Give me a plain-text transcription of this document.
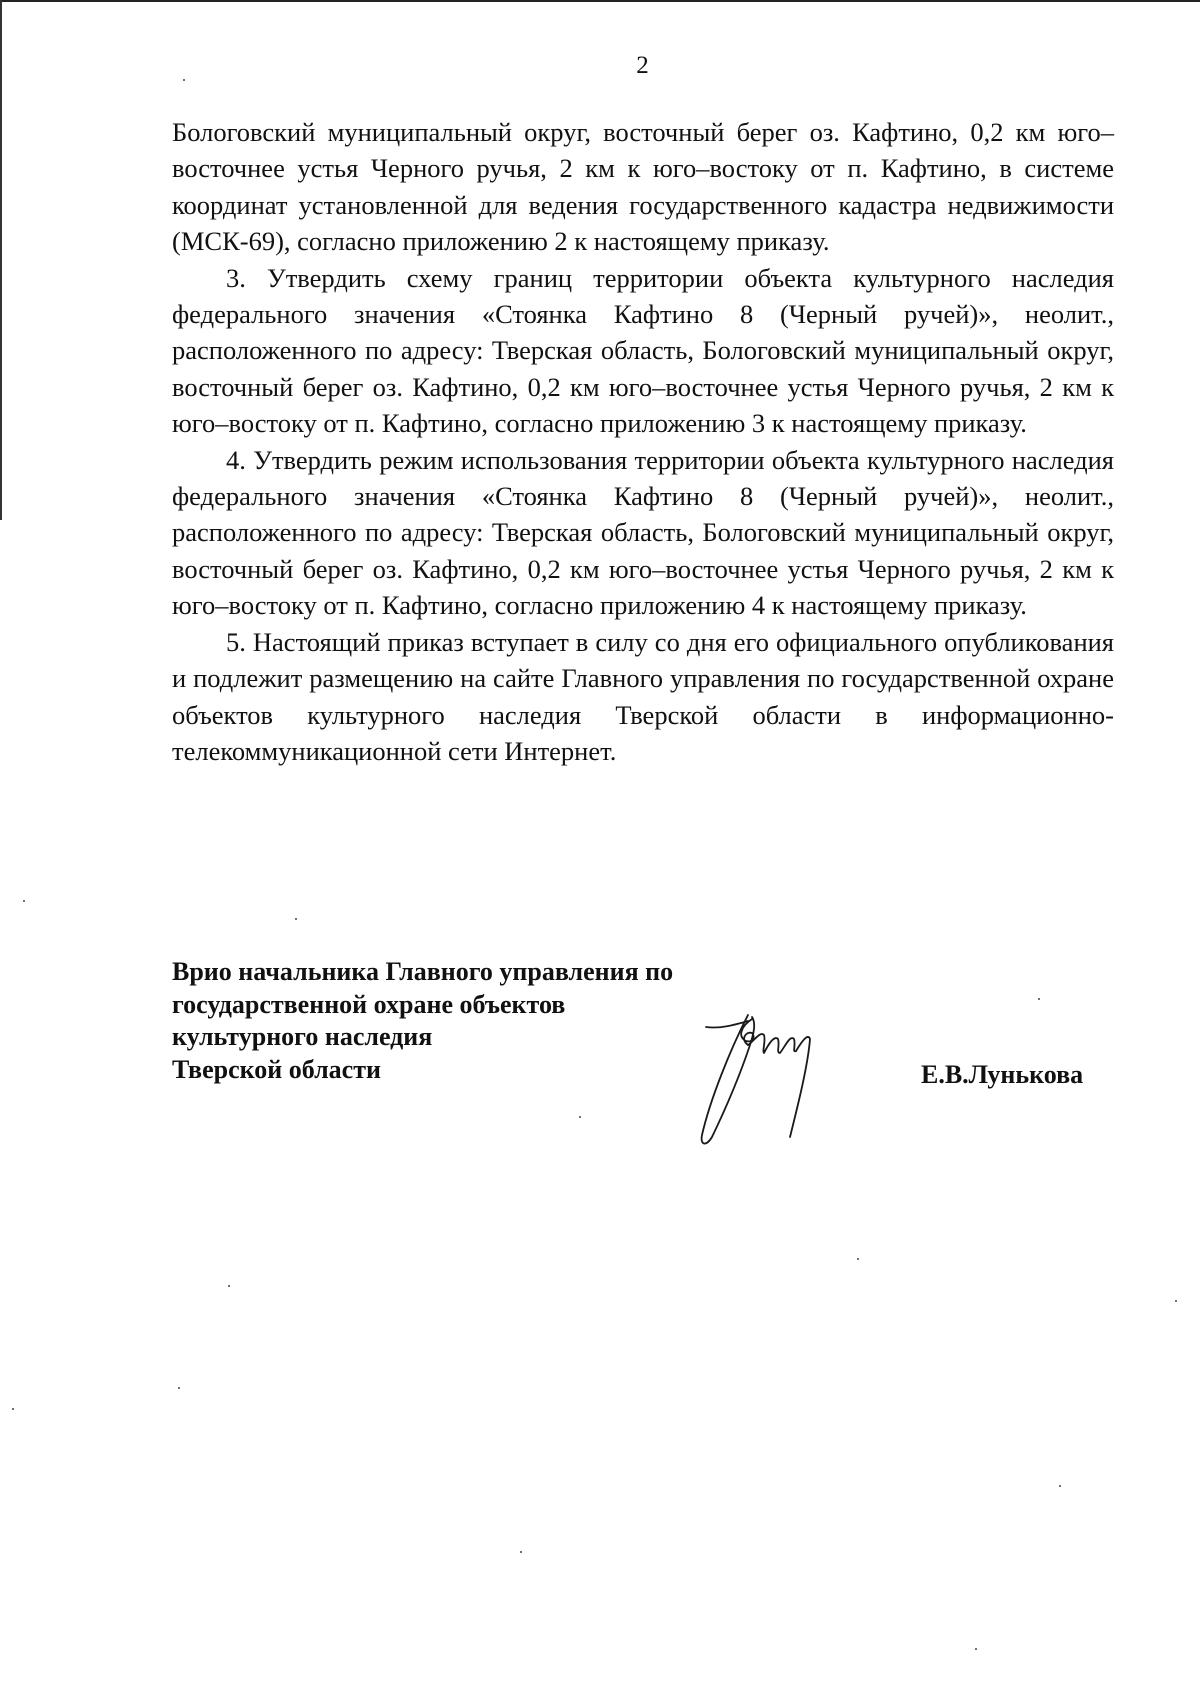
2

Бологовский муниципальный округ, восточный берег оз. Кафтино, 0,2 км юго–восточнее устья Черного ручья, 2 км к юго–востоку от п. Кафтино, в системе координат установленной для ведения государственного кадастра недвижимости (МСК-69), согласно приложению 2 к настоящему приказу.

3. Утвердить схему границ территории объекта культурного наследия федерального значения «Стоянка Кафтино 8 (Черный ручей)», неолит., расположенного по адресу: Тверская область, Бологовский муниципальный округ, восточный берег оз. Кафтино, 0,2 км юго–восточнее устья Черного ручья, 2 км к юго–востоку от п. Кафтино, согласно приложению 3 к настоящему приказу.

4. Утвердить режим использования территории объекта культурного наследия федерального значения «Стоянка Кафтино 8 (Черный ручей)», неолит., расположенного по адресу: Тверская область, Бологовский муниципальный округ, восточный берег оз. Кафтино, 0,2 км юго–восточнее устья Черного ручья, 2 км к юго–востоку от п. Кафтино, согласно приложению 4 к настоящему приказу.

5. Настоящий приказ вступает в силу со дня его официального опубликования и подлежит размещению на сайте Главного управления по государственной охране объектов культурного наследия Тверской области в информационно-телекоммуникационной сети Интернет.

Врио начальника Главного управления по
государственной охране объектов
культурного наследия
Тверской области	Е.В.Лунькова
